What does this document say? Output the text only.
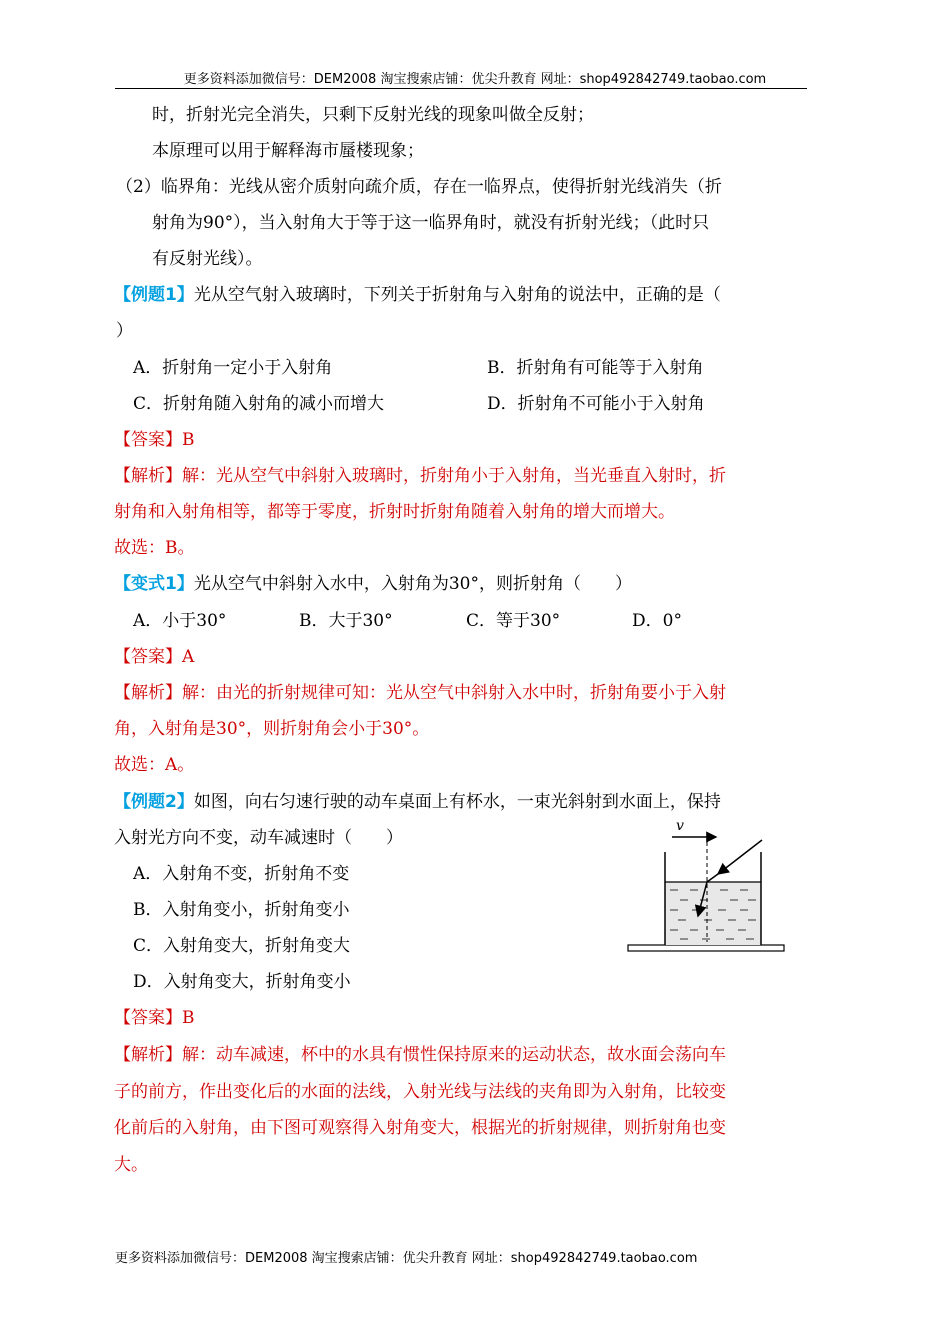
更多资料添加微信号：DEM2008 淘宝搜索店铺：优尖升教育 网址：shop492842749.taobao.com
时，折射光完全消失，只剩下反射光线的现象叫做全反射；
本原理可以用于解释海市蜃楼现象；
（2）临界角：光线从密介质射向疏介质，存在一临界点，使得折射光线消失（折
射角为90°），当入射角大于等于这一临界角时，就没有折射光线；（此时只
有反射光线）。
【例题1】光从空气射入玻璃时，下列关于折射角与入射角的说法中，正确的是（
）
A．折射角一定小于入射角	B．折射角有可能等于入射角
C．折射角随入射角的减小而增大	D．折射角不可能小于入射角
【答案】B
【解析】解：光从空气中斜射入玻璃时，折射角小于入射角，当光垂直入射时，折
射角和入射角相等，都等于零度，折射时折射角随着入射角的增大而增大。
故选：B。
【变式1】光从空气中斜射入水中，入射角为30°，则折射角（　　）
A．小于30°	B．大于30°	C．等于30°	D．0°
【答案】A
【解析】解：由光的折射规律可知：光从空气中斜射入水中时，折射角要小于入射
角，入射角是30°，则折射角会小于30°。
故选：A。
【例题2】如图，向右匀速行驶的动车桌面上有杯水，一束光斜射到水面上，保持
入射光方向不变，动车减速时（　　）
A．入射角不变，折射角不变
B．入射角变小，折射角变小
C．入射角变大，折射角变大
D．入射角变大，折射角变小
v
【答案】B
【解析】解：动车减速，杯中的水具有惯性保持原来的运动状态，故水面会荡向车
子的前方，作出变化后的水面的法线，入射光线与法线的夹角即为入射角，比较变
化前后的入射角，由下图可观察得入射角变大，根据光的折射规律，则折射角也变
大。
更多资料添加微信号：DEM2008 淘宝搜索店铺：优尖升教育 网址：shop492842749.taobao.com
